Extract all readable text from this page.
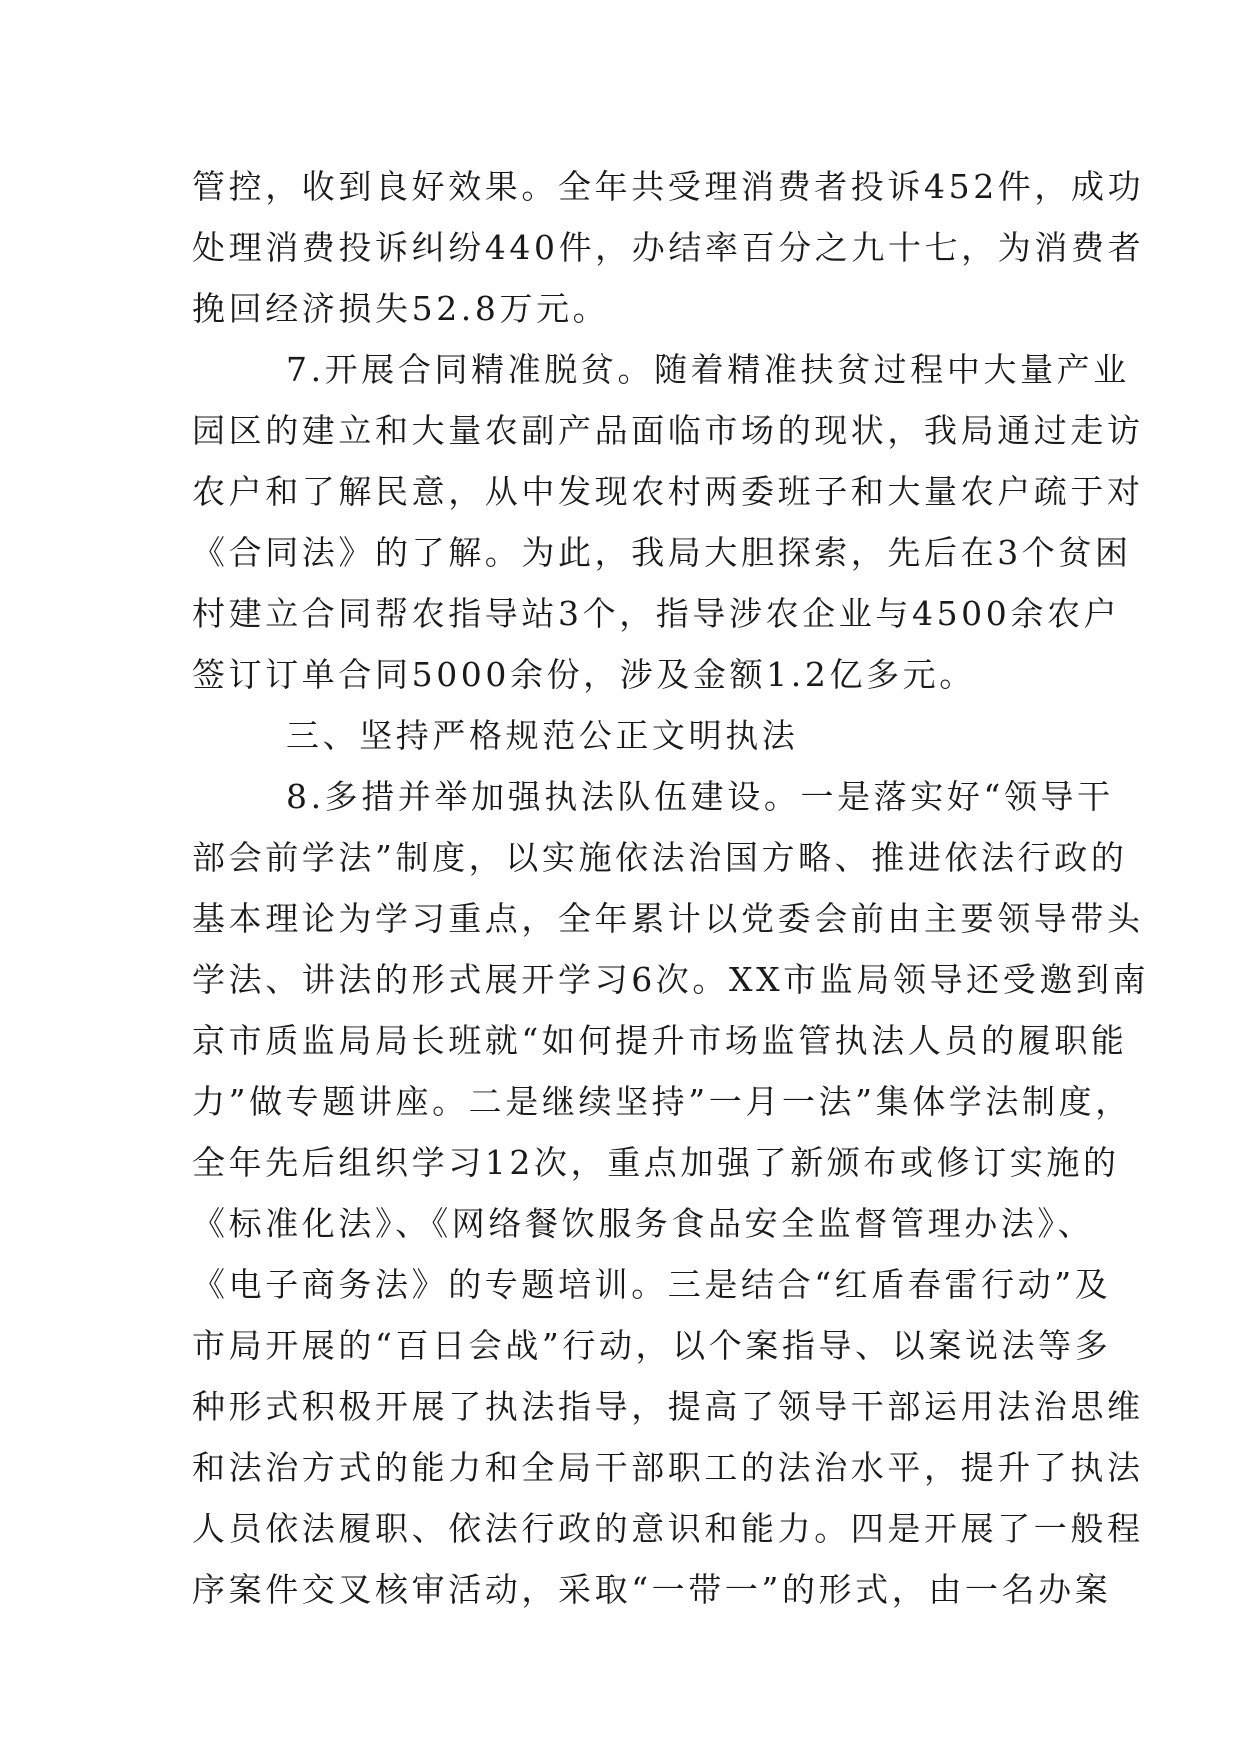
管控，收到良好效果。全年共受理消费者投诉452件，成功
处理消费投诉纠纷440件，办结率百分之九十七，为消费者
挽回经济损失52.8万元。
7.开展合同精准脱贫。随着精准扶贫过程中大量产业
园区的建立和大量农副产品面临市场的现状，我局通过走访
农户和了解民意，从中发现农村两委班子和大量农户疏于对
《合同法》的了解。为此，我局大胆探索，先后在3个贫困
村建立合同帮农指导站3个，指导涉农企业与4500余农户
签订订单合同5000余份，涉及金额1.2亿多元。
三、坚持严格规范公正文明执法
8.多措并举加强执法队伍建设。一是落实好“领导干
部会前学法”制度，以实施依法治国方略、推进依法行政的
基本理论为学习重点，全年累计以党委会前由主要领导带头
学法、讲法的形式展开学习6次。XX市监局领导还受邀到南
京市质监局局长班就“如何提升市场监管执法人员的履职能
力”做专题讲座。二是继续坚持”一月一法”集体学法制度，
全年先后组织学习12次，重点加强了新颁布或修订实施的
《标准化法》、《网络餐饮服务食品安全监督管理办法》、
《电子商务法》的专题培训。三是结合“红盾春雷行动”及
市局开展的“百日会战”行动，以个案指导、以案说法等多
种形式积极开展了执法指导，提高了领导干部运用法治思维
和法治方式的能力和全局干部职工的法治水平，提升了执法
人员依法履职、依法行政的意识和能力。四是开展了一般程
序案件交叉核审活动，采取“一带一”的形式，由一名办案
